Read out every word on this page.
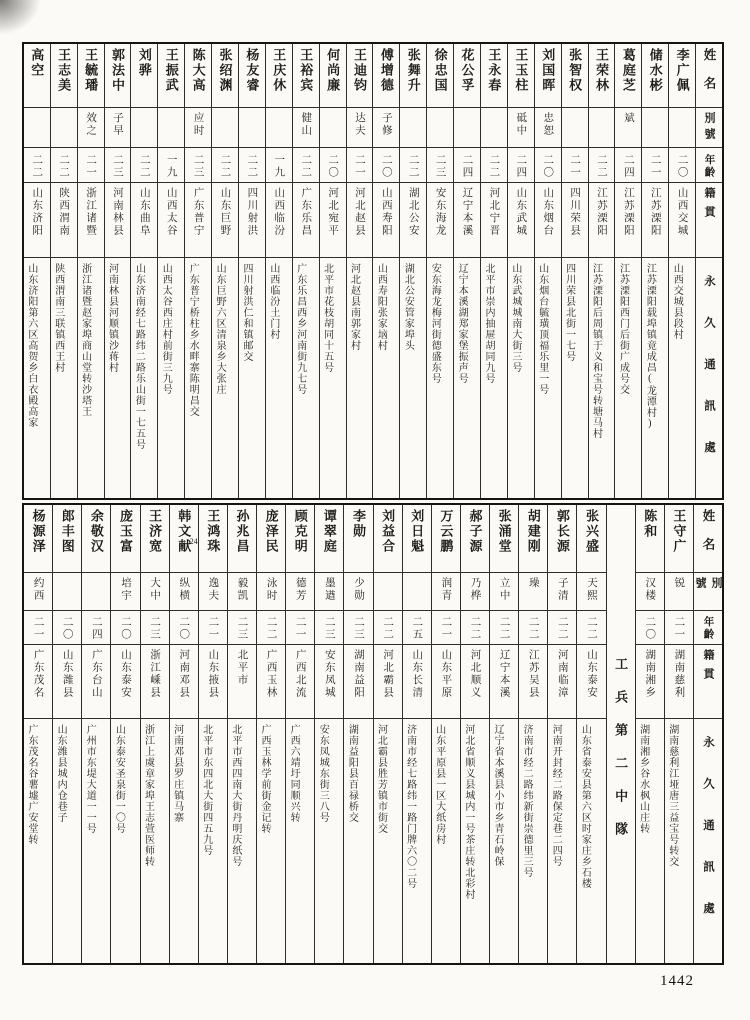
姓名
別號
年齡
籍貫
永久通訊處
李广佩
二〇
山西交城
山西交城县段村
储水彬
二一
江苏溧阳
江苏溧阳载埠镇竟成昌(龙潭村)
葛庭芝
斌
二四
江苏溧阳
江苏溧阳西门后街广成号交
王荣林
二二
江苏溧阳
江苏溧阳后周镇于义和宝号转塘马村
张智权
二一
四川荣县
四川荣县北街一七号
刘国晖
忠恕
二〇
山东烟台
山东烟台毓璜顶福乐里一号
王玉柱
砥中
二四
山东武城
山东武城城南大街三号
王永春
二二
河北宁晋
北平市崇内抽屉胡同九号
花公孚
二四
辽宁本溪
辽宁本溪湖郑家堡振声号
徐忠国
二三
安东海龙
安东海龙梅河街德盛东号
张舞升
二二
湖北公安
湖北公安管家埠头
傅增德
子修
二〇
山西寿阳
山西寿阳张家垴村
王迪钧
达夫
二一
河北赵县
河北赵县南郭家村
何尚廉
二〇
河北宛平
北平市花枝胡同十五号
王裕宾
健山
二二
广东乐昌
广东乐昌西乡河南街九七号
王庆休
一九
山西临汾
山西临汾土门村
杨友睿
二二
四川射洪
四川射洪仁和镇邮交
张绍渊
二二
山东巨野
山东巨野六区清泉乡大张庄
陈大高
应时
二三
广东普宁
广东普宁桥柱乡水畔寨陈明昌交
王振武
一九
山西太谷
山西太谷西庄村前街三九号
刘骅
二二
山东曲阜
山东济南经七路纬二路乐山街一七五号
郭法中
子早
二三
河南林县
河南林县河顺镇沙蒋村
王毓璠
效之
二一
浙江诸暨
浙江诸暨赵家埠商山堂转沙塔王
王志美
二二
陕西渭南
陕西渭南三联镇西王村
高空
二二
山东济阳
山东济阳第六区高贺乡白衣殿高家
姓名
別號
年齡
籍貫
永久通訊處
王守广
锐
二一
湖南慈利
湖南慈利江垭唐三益宝号转交
陈和
汉楼
二〇
湖南湘乡
湖南湘乡谷水枫山庄转
工兵第二中隊
张兴盛
天熙
二二
山东泰安
山东省泰安县第六区时家庄乡石楼
郭长源
子清
二二
河南临漳
河南开封经二路保定巷二四号
胡建刚
璪
二二
江苏吴县
济南市经二路纬新街崇德里三号
张涌堂
立中
二二
辽宁本溪
辽宁省本溪县小市乡青石岭保
郝子源
乃桦
二二
河北顺义
河北省顺义县城内一号茶庄转北彩村
万云鹏
润青
二一
山东平原
山东平原县一区大纸房村
刘日魁
二五
山东长清
济南市经七路纬一路门牌六〇二号
刘益合
二二
河北霸县
河北霸县胜芳镇市街交
李勋
少勋
二三
湖南益阳
湖南益阳县百禄桥交
谭翠庭
墨遒
二三
安东凤城
安东凤城东街三八号
顾克明
德芳
二一
广西北流
广西六靖圩同顺兴转
庞泽民
泳时
二二
广西玉林
广西玉林学前街金记转
孙兆昌
毅凯
二三
北平市
北平市西四南大街丹明庆纸号
王鸿珠
逸夫
二一
山东掖县
北平市东四北大街四五九号
韩文献
24
纵横
二〇
河南邓县
河南邓县罗庄镇马寨
王济宽
大中
二三
浙江嵊县
浙江上虞章家埠王志萱医师转
庞玉富
培宇
二〇
山东泰安
山东泰安圣泉街一〇号
余敬汉
二四
广东台山
广州市东堤大道一一号
郎丰图
二〇
山东潍县
山东潍县城内仓巷子
杨源泽
约西
二一
广东茂名
广东茂名谷薯墟广安堂转
1442
